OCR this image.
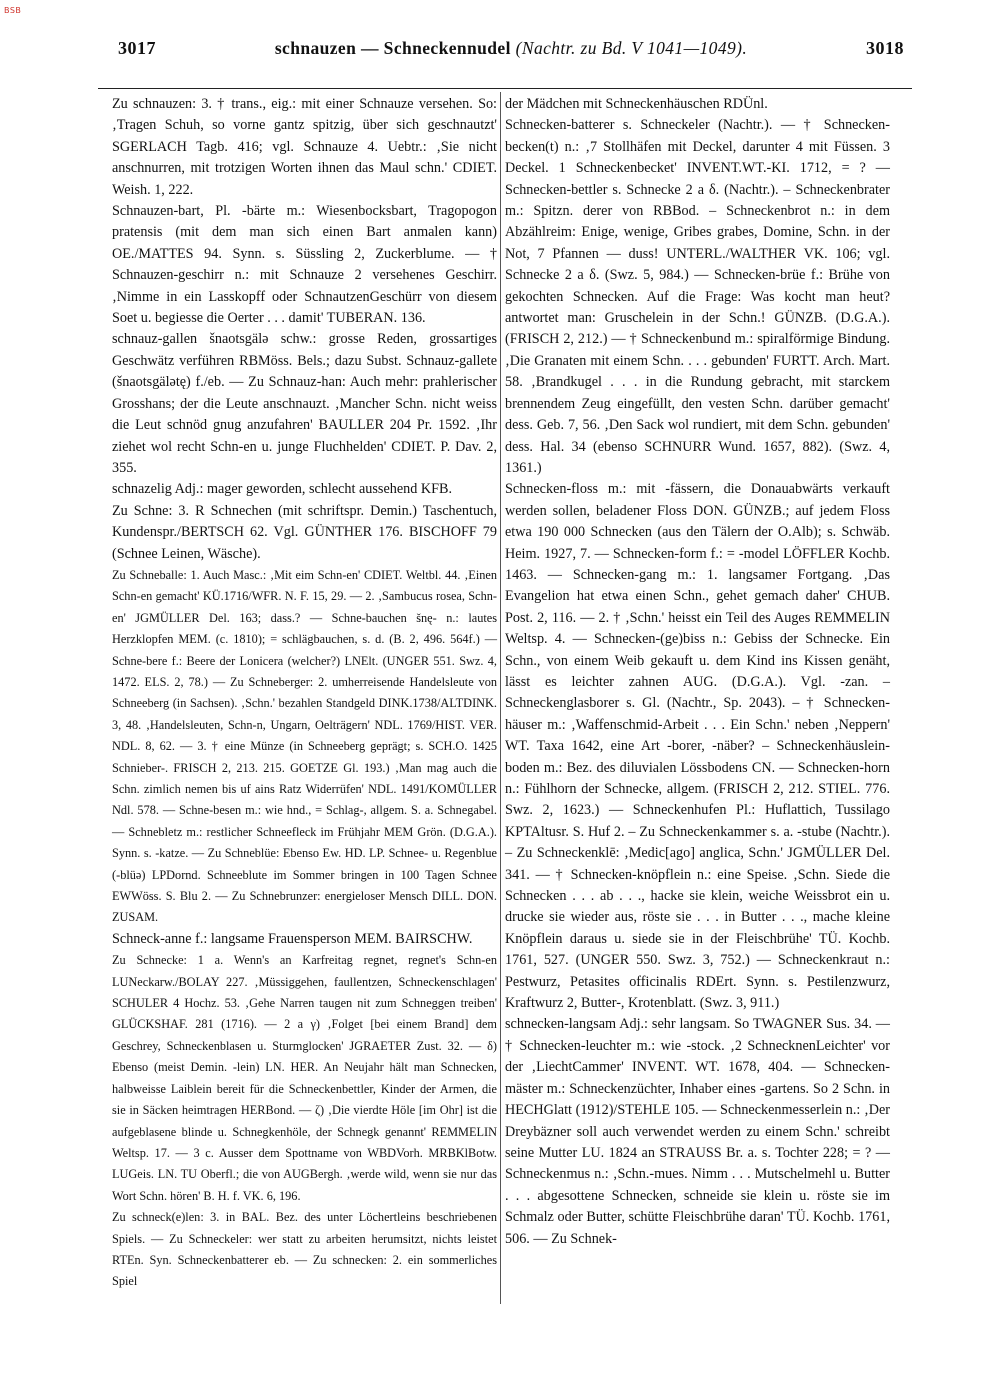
BSB
3017	schnauzen — Schneckennudel (Nachtr. zu Bd. V 1041—1049).	3018

Zu schnauzen: 3. † trans., eig.: mit einer Schnauze versehen. So: ‚Tragen Schuh, so vorne gantz spitzig, über sich geschnautzt' SGERLACH Tagb. 416; vgl. Schnauze 4. Uebtr.: ‚Sie nicht anschnurren, mit trotzigen Worten ihnen das Maul schn.' CDIET. Weish. 1, 222.

Schnauzen-bart, Pl. -bärte m.: Wiesenbocksbart, Tragopogon pratensis (mit dem man sich einen Bart anmalen kann) OE./MATTES 94. Synn. s. Süssling 2, Zuckerblume. — † Schnauzen-geschirr n.: mit Schnauze 2 versehenes Geschirr. ‚Nimme in ein Lasskopff oder SchnautzenGeschürr von diesem Soet u. begiesse die Oerter . . . damit' TUBERAN. 136.

schnauz-gallen šnaotsgälə schw.: grosse Reden, grossartiges Geschwätz verführen RBMöss. Bels.; dazu Subst. Schnauz-gallete (šnaotsgälətę) f./eb. — Zu Schnauz-han: Auch mehr: prahlerischer Grosshans; der die Leute anschnauzt. ‚Mancher Schn. nicht weiss die Leut schnöd gnug anzufahren' BAULLER 204 Pr. 1592. ‚Ihr ziehet wol recht Schn-en u. junge Fluchhelden' CDIET. P. Dav. 2, 355.

schnazelig Adj.: mager geworden, schlecht aussehend KFB.

Zu Schne: 3. R Schnechen (mit schriftspr. Demin.) Taschentuch, Kundenspr./BERTSCH 62. Vgl. GÜNTHER 176. BISCHOFF 79 (Schnee Leinen, Wäsche).

Zu Schneballe: 1. Auch Masc.: ‚Mit eim Schn-en' CDIET. Weltbl. 44. ‚Einen Schn-en gemacht' KÜ.1716/WFR. N. F. 15, 29. — 2. ‚Sambucus rosea, Schn-en' JGMÜLLER Del. 163; dass.? — Schne-bauchen šnę- n.: lautes Herzklopfen MEM. (c. 1810); = schlägbauchen, s. d. (B. 2, 496. 564f.) — Schne-bere f.: Beere der Lonicera (welcher?) LNElt. (UNGER 551. Swz. 4, 1472. ELS. 2, 78.) — Zu Schneberger: 2. umherreisende Handelsleute von Schneeberg (in Sachsen). ‚Schn.' bezahlen Standgeld DINK.1738/ALTDINK. 3, 48. ‚Handelsleuten, Schn-n, Ungarn, Oelträgern' NDL. 1769/HIST. VER. NDL. 8, 62. — 3. † eine Münze (in Schneeberg geprägt; s. SCH.O. 1425 Schnieber-. FRISCH 2, 213. 215. GOETZE Gl. 193.) ‚Man mag auch die Schn. zimlich nemen bis uf ains Ratz Widerrüfen' NDL. 1491/KOMÜLLER Ndl. 578. — Schne-besen m.: wie hnd., = Schlag-, allgem. S. a. Schnegabel. — Schnebletz m.: restlicher Schneefleck im Frühjahr MEM Grön. (D.G.A.). Synn. s. -katze. — Zu Schneblüe: Ebenso Ew. HD. LP. Schnee- u. Regenblue (-blüə) LPDornd. Schneeblute im Sommer bringen in 100 Tagen Schnee EWWöss. S. Blu 2. — Zu Schnebrunzer: energieloser Mensch DILL. DON. ZUSAM.

Schneck-anne f.: langsame Frauensperson MEM. BAIRSCHW.

Zu Schnecke: 1 a. Wenn's an Karfreitag regnet, regnet's Schn-en LUNeckarw./BOLAY 227. ‚Müssiggehen, faullentzen, Schneckenschlagen' SCHULER 4 Hochz. 53. ‚Gehe Narren taugen nit zum Schneggen treiben' GLÜCKSHAF. 281 (1716). — 2 a γ) ‚Folget [bei einem Brand] dem Geschrey, Schneckenblasen u. Sturmglocken' JGRAETER Zust. 32. — δ) Ebenso (meist Demin. -lein) LN. HER. An Neujahr hält man Schnecken, halbweisse Laiblein bereit für die Schneckenbettler, Kinder der Armen, die sie in Säcken heimtragen HERBond. — ζ) ‚Die vierdte Höle [im Ohr] ist die aufgeblasene blinde u. Schnegkenhöle, der Schnegk genannt' REMMELIN Weltsp. 17. — 3 c. Ausser dem Spottname von WBDVorh. MRBKlBotw. LUGeis. LN. TU Oberfl.; die von AUGBergh. ‚werde wild, wenn sie nur das Wort Schn. hören' B. H. f. VK. 6, 196.

Zu schneck(e)len: 3. in BAL. Bez. des unter Löchertleins beschriebenen Spiels. — Zu Schneckeler: wer statt zu arbeiten herumsitzt, nichts leistet RTEn. Syn. Schneckenbatterer eb. — Zu schnecken: 2. ein sommerliches Spiel

der Mädchen mit Schneckenhäuschen RDÜnl.

Schnecken-batterer s. Schneckeler (Nachtr.). — † Schnecken-becken(t) n.: ‚7 Stollhäfen mit Deckel, darunter 4 mit Füssen. 3 Deckel. 1 Schneckenbecket' INVENT.WT.-KI. 1712, = ? — Schnecken-bettler s. Schnecke 2 a δ. (Nachtr.). – Schneckenbrater m.: Spitzn. derer von RBBod. – Schneckenbrot n.: in dem Abzählreim: Enige, wenige, Gribes grabes, Domine, Schn. in der Not, 7 Pfannen — duss! UNTERL./WALTHER VK. 106; vgl. Schnecke 2 a δ. (Swz. 5, 984.) — Schnecken-brüe f.: Brühe von gekochten Schnecken. Auf die Frage: Was kocht man heut? antwortet man: Gruschelein in der Schn.! GÜNZB. (D.G.A.). (FRISCH 2, 212.) — † Schneckenbund m.: spiralförmige Bindung. ‚Die Granaten mit einem Schn. . . . gebunden' FURTT. Arch. Mart. 58. ‚Brandkugel . . . in die Rundung gebracht, mit starckem brennendem Zeug eingefüllt, den vesten Schn. darüber gemacht' dess. Geb. 7, 56. ‚Den Sack wol rundiert, mit dem Schn. gebunden' dess. Hal. 34 (ebenso SCHNURR Wund. 1657, 882). (Swz. 4, 1361.)

Schnecken-floss m.: mit -fässern, die Donauabwärts verkauft werden sollen, beladener Floss DON. GÜNZB.; auf jedem Floss etwa 190 000 Schnecken (aus den Tälern der O.Alb); s. Schwäb. Heim. 1927, 7. — Schnecken-form f.: = -model LÖFFLER Kochb. 1463. — Schnecken-gang m.: 1. langsamer Fortgang. ‚Das Evangelion hat etwa einen Schn., gehet gemach daher' CHUB. Post. 2, 116. — 2. † ‚Schn.' heisst ein Teil des Auges REMMELIN Weltsp. 4. — Schnecken-(ge)biss n.: Gebiss der Schnecke. Ein Schn., von einem Weib gekauft u. dem Kind ins Kissen genäht, lässt es leichter zahnen AUG. (D.G.A.). Vgl. -zan. – Schneckenglasborer s. Gl. (Nachtr., Sp. 2043). – † Schnecken-häuser m.: ‚Waffenschmid-Arbeit . . . Ein Schn.' neben ‚Neppern' WT. Taxa 1642, eine Art -borer, -näber? – Schneckenhäuslein-boden m.: Bez. des diluvialen Lössbodens CN. — Schnecken-horn n.: Fühlhorn der Schnecke, allgem. (FRISCH 2, 212. STIEL. 776. Swz. 2, 1623.) — Schneckenhufen Pl.: Huflattich, Tussilago KPTAltusr. S. Huf 2. – Zu Schneckenkammer s. a. -stube (Nachtr.). – Zu Schneckenklē: ‚Medic[ago] anglica, Schn.' JGMÜLLER Del. 341. — † Schnecken-knöpflein n.: eine Speise. ‚Schn. Siede die Schnecken . . . ab . . ., hacke sie klein, weiche Weissbrot ein u. drucke sie wieder aus, röste sie . . . in Butter . . ., mache kleine Knöpflein daraus u. siede sie in der Fleischbrühe' TÜ. Kochb. 1761, 527. (UNGER 550. Swz. 3, 752.) — Schneckenkraut n.: Pestwurz, Petasites officinalis RDErt. Synn. s. Pestilenzwurz, Kraftwurz 2, Butter-, Krotenblatt. (Swz. 3, 911.)

schnecken-langsam Adj.: sehr langsam. So TWAGNER Sus. 34. — † Schnecken-leuchter m.: wie -stock. ‚2 SchnecknenLeichter' vor der ‚LiechtCammer' INVENT. WT. 1678, 404. — Schnecken-mäster m.: Schneckenzüchter, Inhaber eines -gartens. So 2 Schn. in HECHGlatt (1912)/STEHLE 105. — Schneckenmesserlein n.: ‚Der Dreybäzner soll auch verwendet werden zu einem Schn.' schreibt seine Mutter LU. 1824 an STRAUSS Br. a. s. Tochter 228; = ? — Schneckenmus n.: ‚Schn.-mues. Nimm . . . Mutschelmehl u. Butter . . . abgesottene Schnecken, schneide sie klein u. röste sie im Schmalz oder Butter, schütte Fleischbrühe daran' TÜ. Kochb. 1761, 506. — Zu Schnek-
